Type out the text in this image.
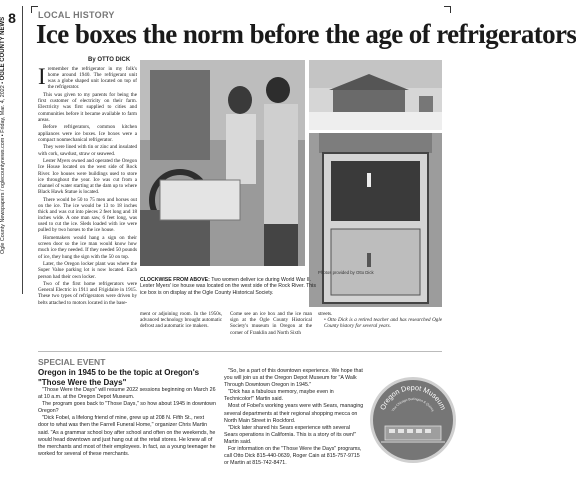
8
Ogle County Newspapers / oglecountynews.com • Friday, Mar. 4, 2022 • OGLE COUNTY NEWS
LOCAL HISTORY
Ice boxes the norm before the age of refrigerators
By OTTO DICK
I remember the refrigerator in my folk's home around 1940. The refrigerant unit was a globe shaped unit located on top of the refrigerator.

This was given to my parents for being the first customer of electricity on their farm. Electricity was first supplied to cities and communities before it became available to farm areas.

Before refrigerators, common kitchen appliances were ice boxes. Ice boxes were a compact nonmechanical refrigerator.

They were lined with tin or zinc and insulated with cork, sawdust, straw or seaweed.

Lester Myers owned and operated the Oregon Ice House located on the west side of Rock River. Ice houses were buildings used to store ice throughout the year. Ice was cut from a channel of water starting at the dam up to where Black Hawk Statue is located.

There would be 50 to 75 men and horses out on the ice. The ice would be 13 to 18 inches thick and was cut into pieces 2 feet long and 18 inches wide. A one man saw, 6 feet long, was used to cut the ice. Sleds loaded with ice were pulled by two horses to the ice house.

Homemakers would hang a sign on their screen door so the ice man would know how much ice they needed. If they needed 50 pounds of ice, they hung the sign with the 50 on top.

Later, the Oregon locker plant was where the Super Value parking lot is now located. Each person had their own locker.

Two of the first home refrigerators were General Electric in 1911 and Frigidaire in 1915. These two types of refrigerators were driven by belts attached to motors located in the base-

Photos provided by Otto Dick
CLOCKWISE FROM ABOVE: Two women deliver ice during World War II. Lester Myers' ice house was located on the west side of the Rock River. This ice box is on display at the Ogle County Historical Society.
ment or adjoining room. In the 1950s, advanced technology brought automatic defrost and automatic ice makers.
Come see an ice box and the ice man sign at the Ogle County Historical Society's museum in Oregon at the corner of Franklin and North Sixth
streets.
• Otto Dick is a retired teacher and has researched Ogle County history for several years.
SPECIAL EVENT
Oregon in 1945 to be the topic at Oregon's "Those Were the Days"

"Those Were the Days" will resume 2022 sessions beginning on March 26 at 10 a.m. at the Oregon Depot Museum.

The program goes back to "Those Days," so how about 1945 in downtown Oregon?

"Dick Fobel, a lifelong friend of mine, grew up at 208 N. Fifth St., next door to what was then the Farrell Funeral Home," organizer Chris Martin said. "As a grammar school boy after school and often on the weekends, he would head downtown and just hang out at the retail stores. He knew all of the merchants and most of their employees. In fact, as a young teenager he worked for several of these merchants.

"So, be a part of this downtown experience. We hope that you will join us at the Oregon Depot Museum for "A Walk Through Downtown Oregon in 1945."

"Dick has a fabulous memory, maybe even in Technicolor!" Martin said.

Most of Fobel's working years were with Sears, managing several departments at their regional shopping mecca on North Main Street in Rockford.

"Dick later shared his Sears experience with several Sears operations in California. This is a story of its own!" Martin said.

For information on the "Those Were the Days" programs, call Otto Dick 815-440-0639, Roger Cain at 815-757-9715 or Martin at 815-742-8471.

Oregon Depot Museum
The Chicago Burlington & Quincy
